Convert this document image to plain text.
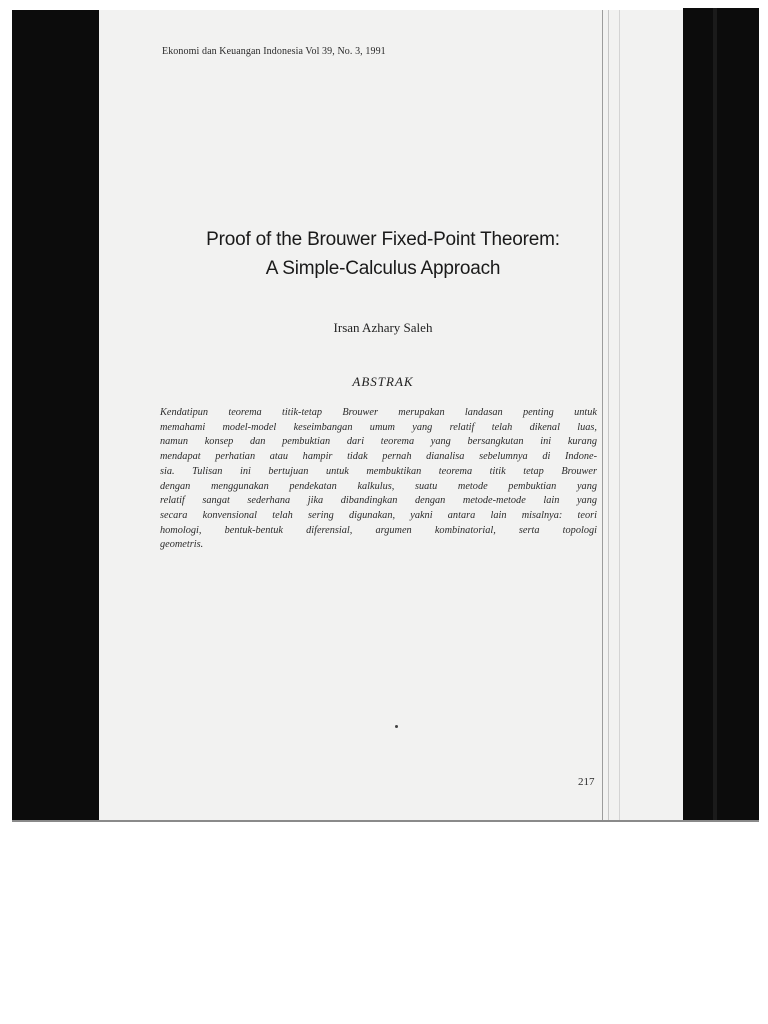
Ekonomi dan Keuangan Indonesia Vol 39, No. 3, 1991
Proof of the Brouwer Fixed-Point Theorem:
A Simple-Calculus Approach
Irsan Azhary Saleh
ABSTRAK
Kendatipun teorema titik-tetap Brouwer merupakan landasan penting untuk
memahami model-model keseimbangan umum yang relatif telah dikenal luas,
namun konsep dan pembuktian dari teorema yang bersangkutan ini kurang
mendapat perhatian atau hampir tidak pernah dianalisa sebelumnya di Indone-
sia. Tulisan ini bertujuan untuk membuktikan teorema titik tetap Brouwer
dengan menggunakan pendekatan kalkulus, suatu metode pembuktian yang
relatif sangat sederhana jika dibandingkan dengan metode-metode lain yang
secara konvensional telah sering digunakan, yakni antara lain misalnya: teori
homologi, bentuk-bentuk diferensial, argumen kombinatorial, serta topologi
geometris.
217
